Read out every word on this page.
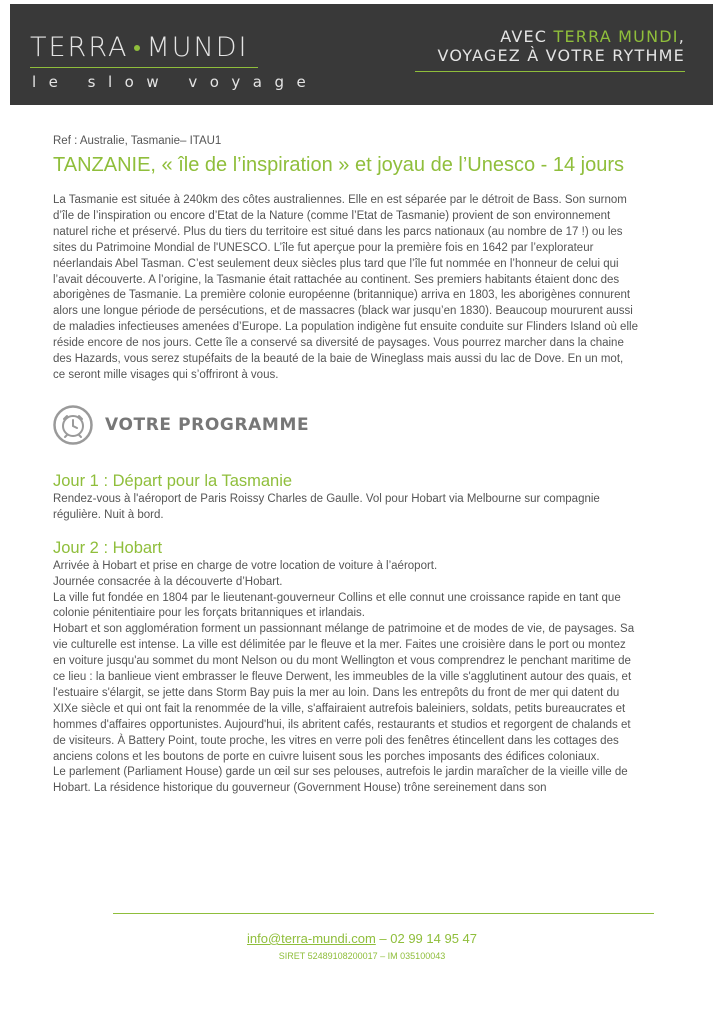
TERRA MUNDI
le slow voyage
AVEC TERRA MUNDI,
VOYAGEZ À VOTRE RYTHME

Ref : Australie, Tasmanie– ITAU1

TANZANIE, « île de l’inspiration » et joyau de l’Unesco - 14 jours

La Tasmanie est située à 240km des côtes australiennes. Elle en est séparée par le détroit de Bass. Son surnom d’île de l’inspiration ou encore d’Etat de la Nature (comme l’Etat de Tasmanie) provient de son environnement naturel riche et préservé. Plus du tiers du territoire est situé dans les parcs nationaux (au nombre de 17 !) ou les sites du Patrimoine Mondial de l'UNESCO. L’île fut aperçue pour la première fois en 1642 par l’explorateur néerlandais Abel Tasman. C’est seulement deux siècles plus tard que l’île fut nommée en l’honneur de celui qui l’avait découverte. A l’origine, la Tasmanie était rattachée au continent. Ses premiers habitants étaient donc des aborigènes de Tasmanie. La première colonie européenne (britannique) arriva en 1803, les aborigènes connurent alors une longue période de persécutions, et de massacres (black war jusqu’en 1830). Beaucoup moururent aussi de maladies infectieuses amenées d’Europe. La population indigène fut ensuite conduite sur Flinders Island où elle réside encore de nos jours. Cette île a conservé sa diversité de paysages. Vous pourrez marcher dans la chaine des Hazards, vous serez stupéfaits de la beauté de la baie de Wineglass mais aussi du lac de Dove. En un mot, ce seront mille visages qui s’offriront à vous.

VOTRE PROGRAMME
Jour 1 : Départ pour la Tasmanie

Rendez-vous à l'aéroport de Paris Roissy Charles de Gaulle. Vol pour Hobart via Melbourne sur compagnie régulière. Nuit à bord.

Jour 2 : Hobart

Arrivée à Hobart et prise en charge de votre location de voiture à l’aéroport.

Journée consacrée à la découverte d’Hobart.

La ville fut fondée en 1804 par le lieutenant-gouverneur Collins et elle connut une croissance rapide en tant que colonie pénitentiaire pour les forçats britanniques et irlandais.

Hobart et son agglomération forment un passionnant mélange de patrimoine et de modes de vie, de paysages. Sa vie culturelle est intense. La ville est délimitée par le fleuve et la mer. Faites une croisière dans le port ou montez en voiture jusqu'au sommet du mont Nelson ou du mont Wellington et vous comprendrez le penchant maritime de ce lieu : la banlieue vient embrasser le fleuve Derwent, les immeubles de la ville s'agglutinent autour des quais, et l'estuaire s'élargit, se jette dans Storm Bay puis la mer au loin. Dans les entrepôts du front de mer qui datent du XIXe siècle et qui ont fait la renommée de la ville, s'affairaient autrefois baleiniers, soldats, petits bureaucrates et hommes d'affaires opportunistes. Aujourd'hui, ils abritent cafés, restaurants et studios et regorgent de chalands et de visiteurs. À Battery Point, toute proche, les vitres en verre poli des fenêtres étincellent dans les cottages des anciens colons et les boutons de porte en cuivre luisent sous les porches imposants des édifices coloniaux.

Le parlement (Parliament House) garde un œil sur ses pelouses, autrefois le jardin maraîcher de la vieille ville de Hobart. La résidence historique du gouverneur (Government House) trône sereinement dans son

info@terra-mundi.com – 02 99 14 95 47
SIRET 52489108200017 – IM 035100043
